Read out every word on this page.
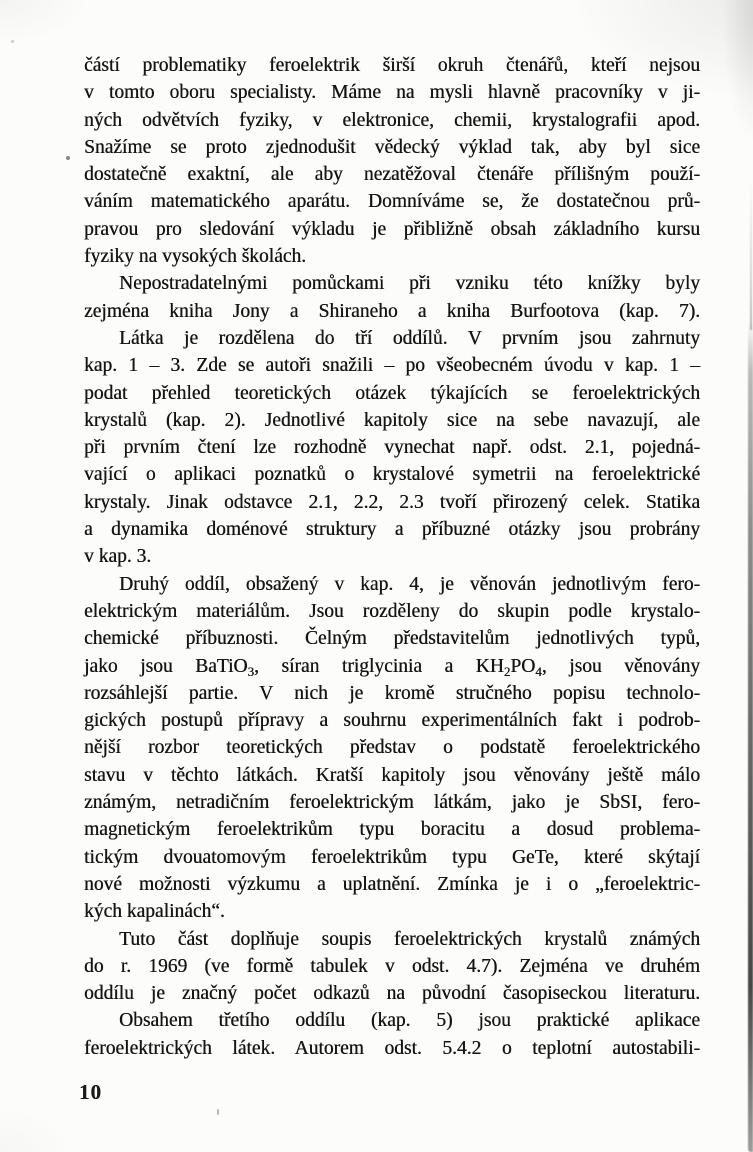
částí problematiky feroelektrik širší okruh čtenářů, kteří nejsou
v tomto oboru specialisty. Máme na mysli hlavně pracovníky v ji-
ných odvětvích fyziky, v elektronice, chemii, krystalografii apod.
Snažíme se proto zjednodušit vědecký výklad tak, aby byl sice
dostatečně exaktní, ale aby nezatěžoval čtenáře přílišným použí-
váním matematického aparátu. Domníváme se, že dostatečnou prů-
pravou pro sledování výkladu je přibližně obsah základního kursu
fyziky na vysokých školách.

Nepostradatelnými pomůckami při vzniku této knížky byly
zejména kniha Jony a Shiraneho a kniha Burfootova (kap. 7).

Látka je rozdělena do tří oddílů. V prvním jsou zahrnuty
kap. 1 – 3. Zde se autoři snažili – po všeobecném úvodu v kap. 1 –
podat přehled teoretických otázek týkajících se feroelektrických
krystalů (kap. 2). Jednotlivé kapitoly sice na sebe navazují, ale
při prvním čtení lze rozhodně vynechat např. odst. 2.1, pojedná-
vající o aplikaci poznatků o krystalové symetrii na feroelektrické
krystaly. Jinak odstavce 2.1, 2.2, 2.3 tvoří přirozený celek. Statika
a dynamika doménové struktury a příbuzné otázky jsou probrány
v kap. 3.

Druhý oddíl, obsažený v kap. 4, je věnován jednotlivým fero-
elektrickým materiálům. Jsou rozděleny do skupin podle krystalo-
chemické příbuznosti. Čelným představitelům jednotlivých typů,
jako jsou BaTiO$_3$, síran triglycinia a $KH_2PO_4$, jsou věnovány
rozsáhlejší partie. V nich je kromě stručného popisu technolo-
gických postupů přípravy a souhrnu experimentálních fakt i podrob-
nější rozbor teoretických představ o podstatě feroelektrického
stavu v těchto látkách. Kratší kapitoly jsou věnovány ještě málo
známým, netradičním feroelektrickým látkám, jako je SbSI, fero-
magnetickým feroelektrikům typu boracitu a dosud problema-
tickým dvouatomovým feroelektrikům typu GeTe, které skýtají
nové možnosti výzkumu a uplatnění. Zmínka je i o „feroelektric-
kých kapalinách“.

Tuto část doplňuje soupis feroelektrických krystalů známých
do r. 1969 (ve formě tabulek v odst. 4.7). Zejména ve druhém
oddílu je značný počet odkazů na původní časopiseckou literaturu.

Obsahem třetího oddílu (kap. 5) jsou praktické aplikace
feroelektrických látek. Autorem odst. 5.4.2 o teplotní autostabili-

10
